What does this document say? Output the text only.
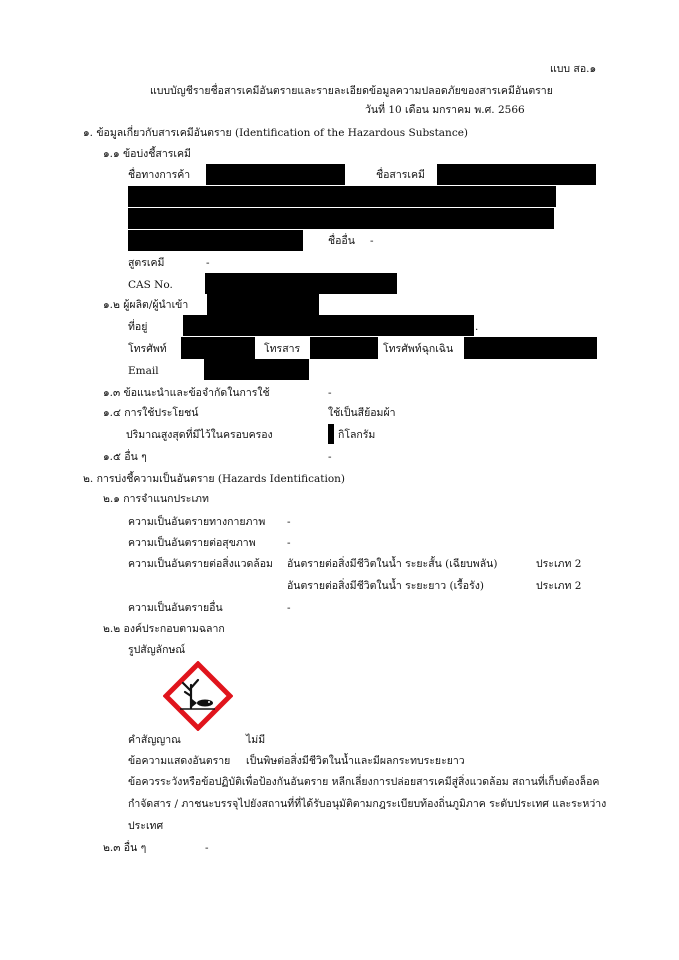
แบบ สอ.๑
แบบบัญชีรายชื่อสารเคมีอันตรายและรายละเอียดข้อมูลความปลอดภัยของสารเคมีอันตราย
วันที่ 10 เดือน มกราคม พ.ศ. 2566
๑. ข้อมูลเกี่ยวกับสารเคมีอันตราย (Identification of the Hazardous Substance)
๑.๑ ข้อบ่งชี้สารเคมี
ชื่อทางการค้า	ชื่อสารเคมี
ชื่ออื่น -
สูตรเคมี	-
CAS No.
๑.๒ ผู้ผลิต/ผู้นำเข้า
ที่อยู่	.
โทรศัพท์	โทรสาร	โทรศัพท์ฉุกเฉิน
Email
๑.๓ ข้อแนะนำและข้อจำกัดในการใช้	-
๑.๔ การใช้ประโยชน์	ใช้เป็นสีย้อมผ้า
ปริมาณสูงสุดที่มีไว้ในครอบครอง	กิโลกรัม
๑.๕ อื่น ๆ	-
๒. การบ่งชี้ความเป็นอันตราย (Hazards Identification)
๒.๑ การจำแนกประเภท
ความเป็นอันตรายทางกายภาพ -
ความเป็นอันตรายต่อสุขภาพ	-
ความเป็นอันตรายต่อสิ่งแวดล้อม อันตรายต่อสิ่งมีชีวิตในน้ำ ระยะสั้น (เฉียบพลัน)	ประเภท 2
อันตรายต่อสิ่งมีชีวิตในน้ำ ระยะยาว (เรื้อรัง)	ประเภท 2
ความเป็นอันตรายอื่น	-
๒.๒ องค์ประกอบตามฉลาก
รูปสัญลักษณ์
คำสัญญาณ	ไม่มี
ข้อความแสดงอันตราย เป็นพิษต่อสิ่งมีชีวิตในน้ำและมีผลกระทบระยะยาว
ข้อควรระวังหรือข้อปฏิบัติเพื่อป้องกันอันตราย หลีกเลี่ยงการปล่อยสารเคมีสู่สิ่งแวดล้อม สถานที่เก็บต้องล็อค
กำจัดสาร / ภาชนะบรรจุไปยังสถานที่ที่ได้รับอนุมัติตามกฎระเบียบท้องถิ่นภูมิภาค ระดับประเทศ และระหว่าง
ประเทศ
๒.๓ อื่น ๆ	-
